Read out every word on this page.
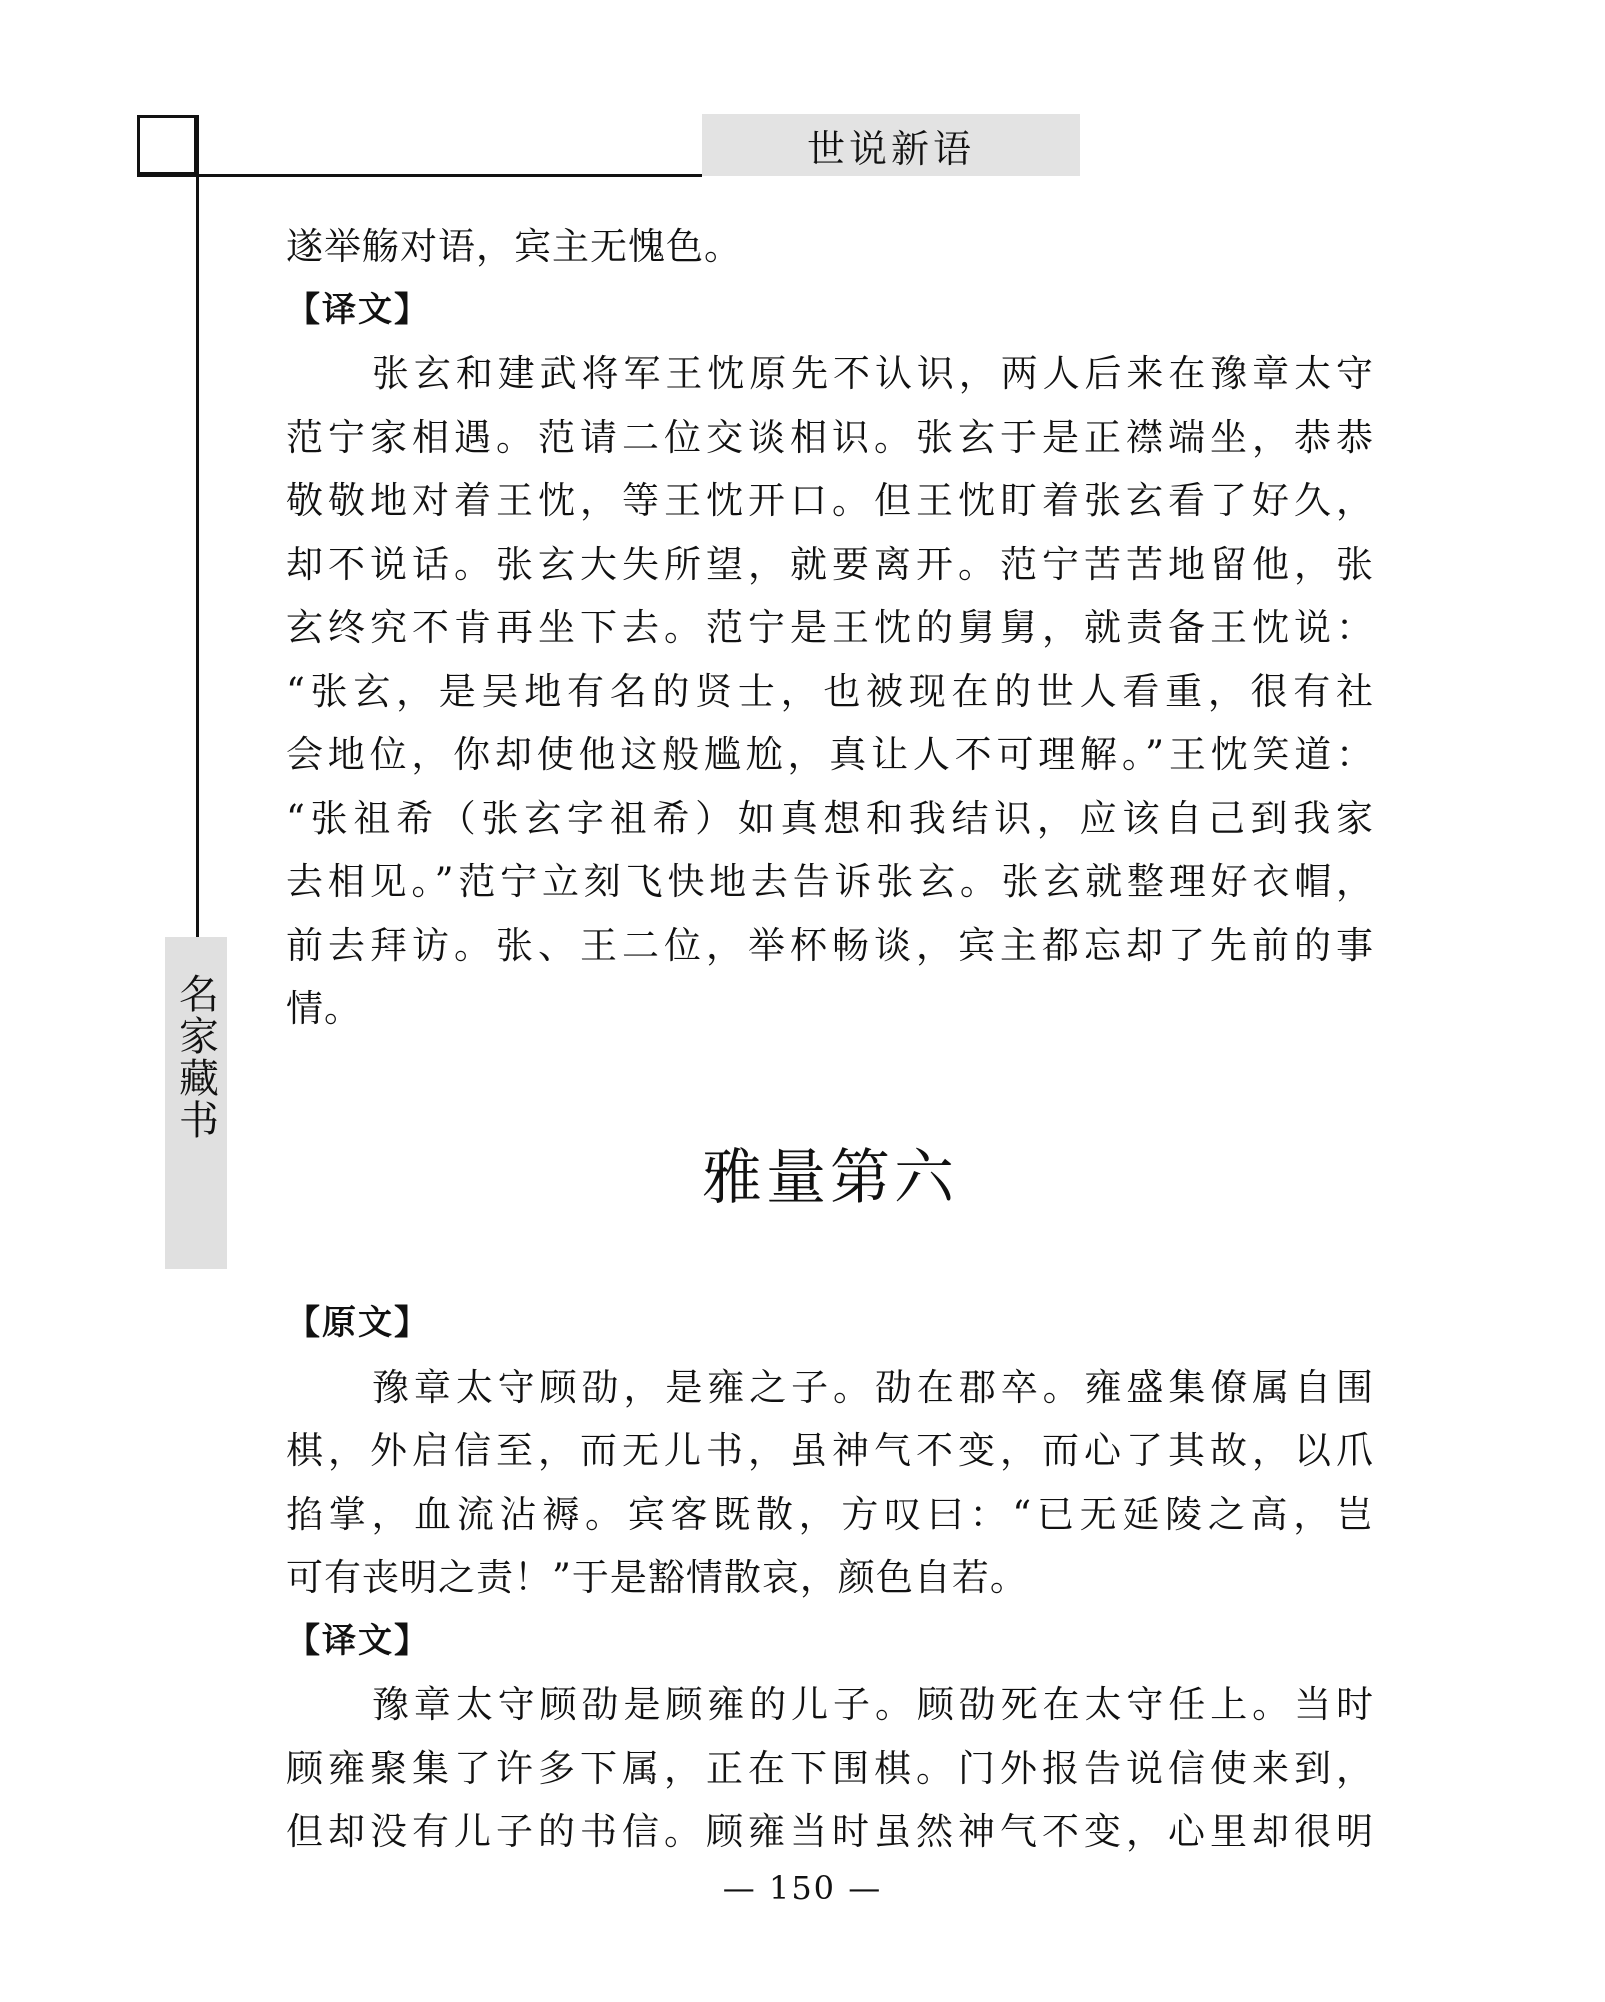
世说新语
名家藏书
遂举觞对语，宾主无愧色。
【译文】
张玄和建武将军王忱原先不认识，两人后来在豫章太守
范宁家相遇。范请二位交谈相识。张玄于是正襟端坐，恭恭
敬敬地对着王忱，等王忱开口。但王忱盯着张玄看了好久，
却不说话。张玄大失所望，就要离开。范宁苦苦地留他，张
玄终究不肯再坐下去。范宁是王忱的舅舅，就责备王忱说：
“张玄，是吴地有名的贤士，也被现在的世人看重，很有社
会地位，你却使他这般尴尬，真让人不可理解。”王忱笑道：
“张祖希（张玄字祖希）如真想和我结识，应该自己到我家
去相见。”范宁立刻飞快地去告诉张玄。张玄就整理好衣帽，
前去拜访。张、王二位，举杯畅谈，宾主都忘却了先前的事
情。
雅量第六
【原文】
豫章太守顾劭，是雍之子。劭在郡卒。雍盛集僚属自围
棋，外启信至，而无儿书，虽神气不变，而心了其故，以爪
掐掌，血流沾褥。宾客既散，方叹曰：“已无延陵之高，岂
可有丧明之责！”于是豁情散哀，颜色自若。
【译文】
豫章太守顾劭是顾雍的儿子。顾劭死在太守任上。当时
顾雍聚集了许多下属，正在下围棋。门外报告说信使来到，
但却没有儿子的书信。顾雍当时虽然神气不变，心里却很明
— 150 —
